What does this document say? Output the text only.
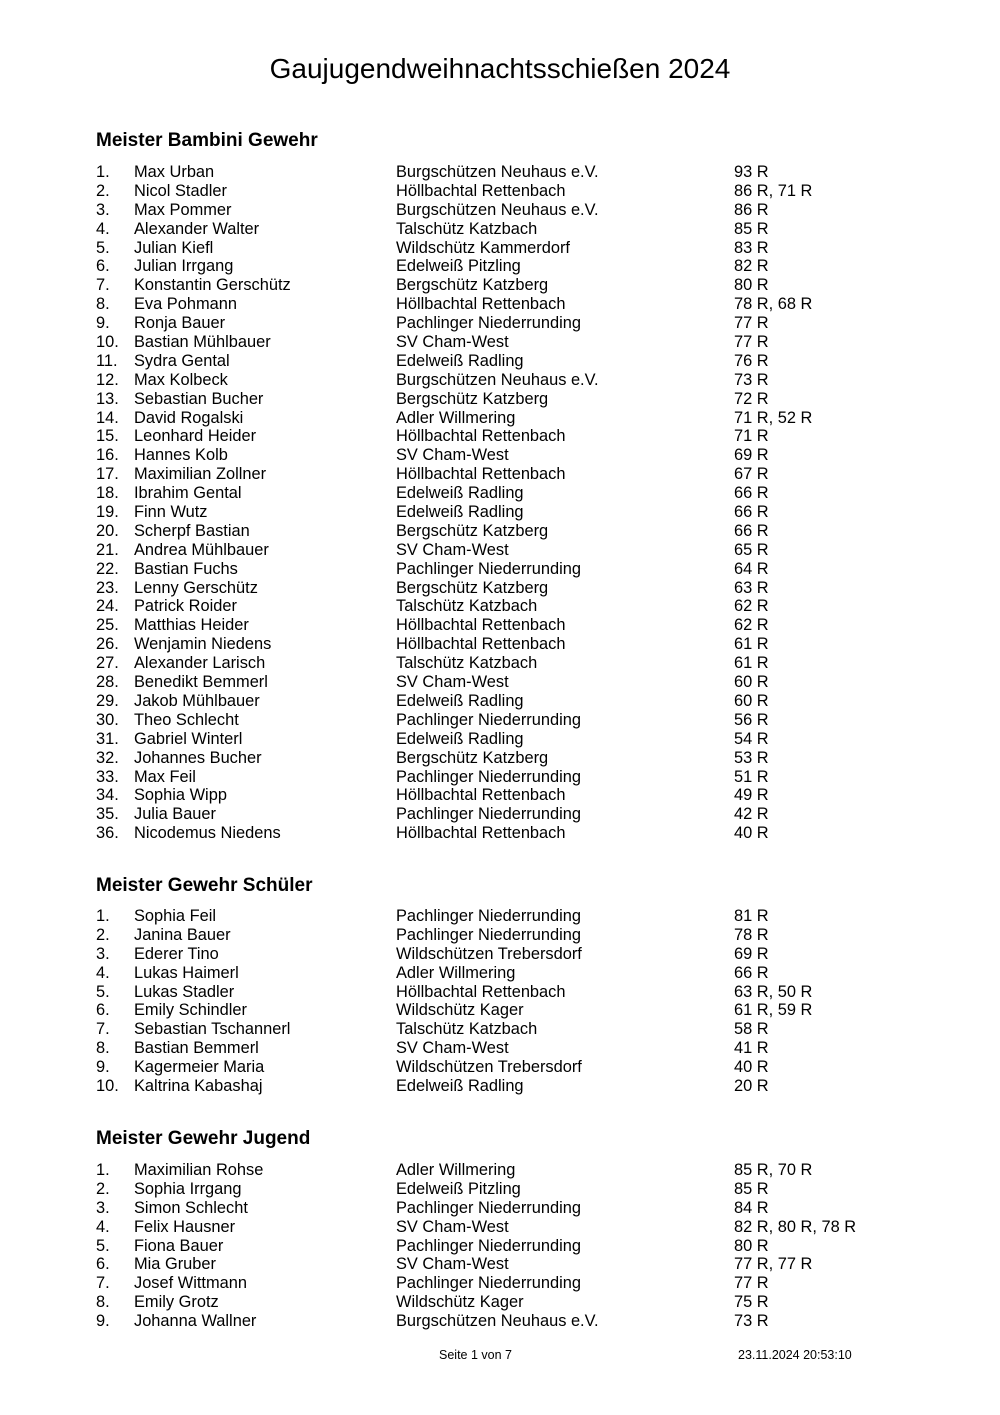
Gaujugendweihnachtsschießen 2024
Meister Bambini Gewehr
1. Max Urban	Burgschützen Neuhaus e.V.	93 R
2. Nicol Stadler	Höllbachtal Rettenbach	86 R, 71 R
3. Max Pommer	Burgschützen Neuhaus e.V.	86 R
4. Alexander Walter	Talschütz Katzbach	85 R
5. Julian Kiefl	Wildschütz Kammerdorf	83 R
6. Julian Irrgang	Edelweiß Pitzling	82 R
7. Konstantin Gerschütz	Bergschütz Katzberg	80 R
8. Eva Pohmann	Höllbachtal Rettenbach	78 R, 68 R
9. Ronja Bauer	Pachlinger Niederrunding	77 R
10. Bastian Mühlbauer	SV Cham-West	77 R
11. Sydra Gental	Edelweiß Radling	76 R
12. Max Kolbeck	Burgschützen Neuhaus e.V.	73 R
13. Sebastian Bucher	Bergschütz Katzberg	72 R
14. David Rogalski	Adler Willmering	71 R, 52 R
15. Leonhard Heider	Höllbachtal Rettenbach	71 R
16. Hannes Kolb	SV Cham-West	69 R
17. Maximilian Zollner	Höllbachtal Rettenbach	67 R
18. Ibrahim Gental	Edelweiß Radling	66 R
19. Finn Wutz	Edelweiß Radling	66 R
20. Scherpf Bastian	Bergschütz Katzberg	66 R
21. Andrea Mühlbauer	SV Cham-West	65 R
22. Bastian Fuchs	Pachlinger Niederrunding	64 R
23. Lenny Gerschütz	Bergschütz Katzberg	63 R
24. Patrick Roider	Talschütz Katzbach	62 R
25. Matthias Heider	Höllbachtal Rettenbach	62 R
26. Wenjamin Niedens	Höllbachtal Rettenbach	61 R
27. Alexander Larisch	Talschütz Katzbach	61 R
28. Benedikt Bemmerl	SV Cham-West	60 R
29. Jakob Mühlbauer	Edelweiß Radling	60 R
30. Theo Schlecht	Pachlinger Niederrunding	56 R
31. Gabriel Winterl	Edelweiß Radling	54 R
32. Johannes Bucher	Bergschütz Katzberg	53 R
33. Max Feil	Pachlinger Niederrunding	51 R
34. Sophia Wipp	Höllbachtal Rettenbach	49 R
35. Julia Bauer	Pachlinger Niederrunding	42 R
36. Nicodemus Niedens	Höllbachtal Rettenbach	40 R
Meister Gewehr Schüler
1. Sophia Feil	Pachlinger Niederrunding	81 R
2. Janina Bauer	Pachlinger Niederrunding	78 R
3. Ederer Tino	Wildschützen Trebersdorf	69 R
4. Lukas Haimerl	Adler Willmering	66 R
5. Lukas Stadler	Höllbachtal Rettenbach	63 R, 50 R
6. Emily Schindler	Wildschütz Kager	61 R, 59 R
7. Sebastian Tschannerl	Talschütz Katzbach	58 R
8. Bastian Bemmerl	SV Cham-West	41 R
9. Kagermeier Maria	Wildschützen Trebersdorf	40 R
10. Kaltrina Kabashaj	Edelweiß Radling	20 R
Meister Gewehr Jugend
1. Maximilian Rohse	Adler Willmering	85 R, 70 R
2. Sophia Irrgang	Edelweiß Pitzling	85 R
3. Simon Schlecht	Pachlinger Niederrunding	84 R
4. Felix Hausner	SV Cham-West	82 R, 80 R, 78 R
5. Fiona Bauer	Pachlinger Niederrunding	80 R
6. Mia Gruber	SV Cham-West	77 R, 77 R
7. Josef Wittmann	Pachlinger Niederrunding	77 R
8. Emily Grotz	Wildschütz Kager	75 R
9. Johanna Wallner	Burgschützen Neuhaus e.V.	73 R
Seite 1 von 7	23.11.2024 20:53:10
